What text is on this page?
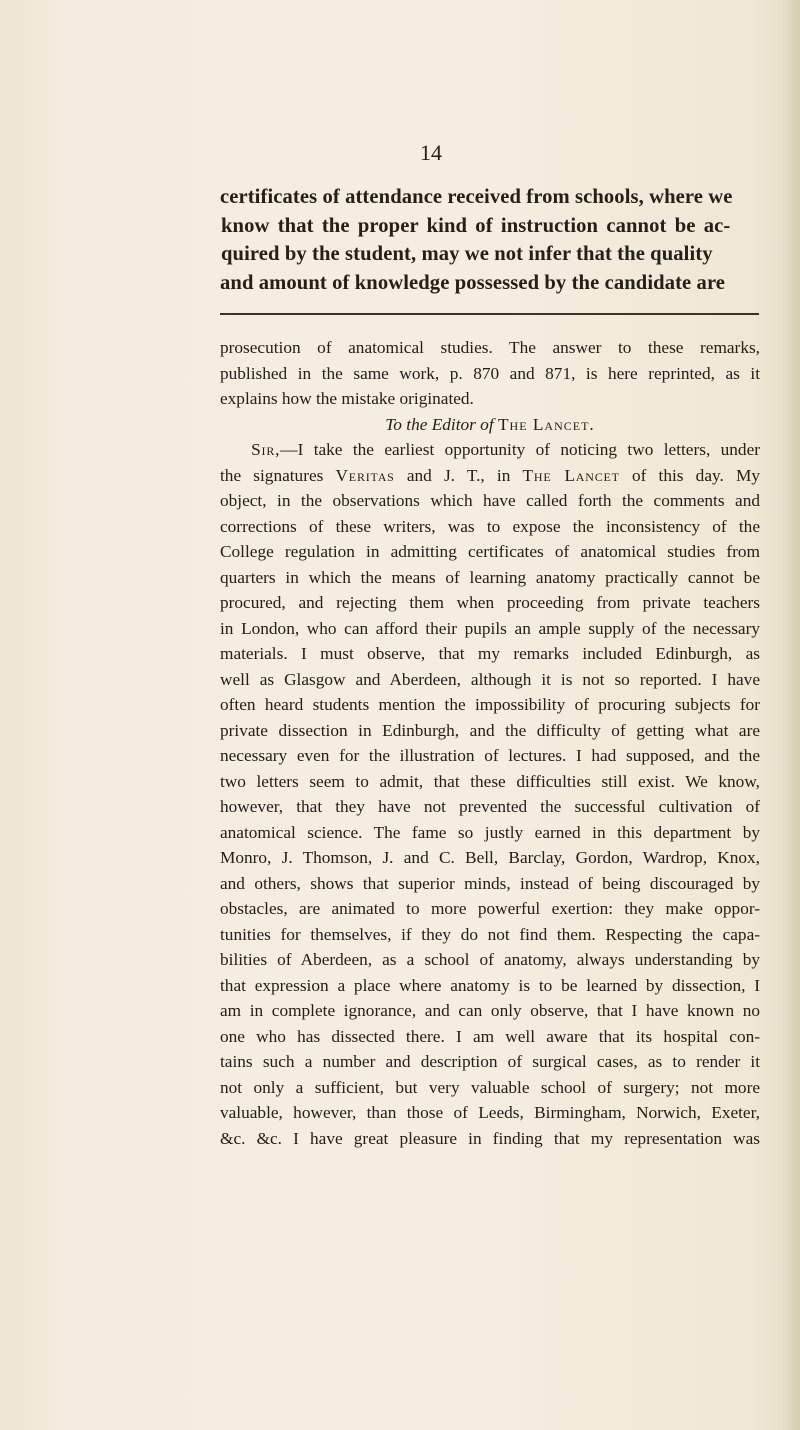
14

certificates of attendance received from schools, where we
know that the proper kind of instruction cannot be ac-
quired by the student, may we not infer that the quality
and amount of knowledge possessed by the candidate are

prosecution of anatomical studies. The answer to these remarks,
published in the same work, p. 870 and 871, is here reprinted, as it
explains how the mistake originated.

To the Editor of The Lancet.

Sir,—I take the earliest opportunity of noticing two letters, under
the signatures Veritas and J. T., in The Lancet of this day. My
object, in the observations which have called forth the comments and
corrections of these writers, was to expose the inconsistency of the
College regulation in admitting certificates of anatomical studies from
quarters in which the means of learning anatomy practically cannot be
procured, and rejecting them when proceeding from private teachers
in London, who can afford their pupils an ample supply of the necessary
materials. I must observe, that my remarks included Edinburgh, as
well as Glasgow and Aberdeen, although it is not so reported. I have
often heard students mention the impossibility of procuring subjects for
private dissection in Edinburgh, and the difficulty of getting what are
necessary even for the illustration of lectures. I had supposed, and the
two letters seem to admit, that these difficulties still exist. We know,
however, that they have not prevented the successful cultivation of
anatomical science. The fame so justly earned in this department by
Monro, J. Thomson, J. and C. Bell, Barclay, Gordon, Wardrop, Knox,
and others, shows that superior minds, instead of being discouraged by
obstacles, are animated to more powerful exertion: they make oppor-
tunities for themselves, if they do not find them. Respecting the capa-
bilities of Aberdeen, as a school of anatomy, always understanding by
that expression a place where anatomy is to be learned by dissection, I
am in complete ignorance, and can only observe, that I have known no
one who has dissected there. I am well aware that its hospital con-
tains such a number and description of surgical cases, as to render it
not only a sufficient, but very valuable school of surgery; not more
valuable, however, than those of Leeds, Birmingham, Norwich, Exeter,
&c. &c. I have great pleasure in finding that my representation was
